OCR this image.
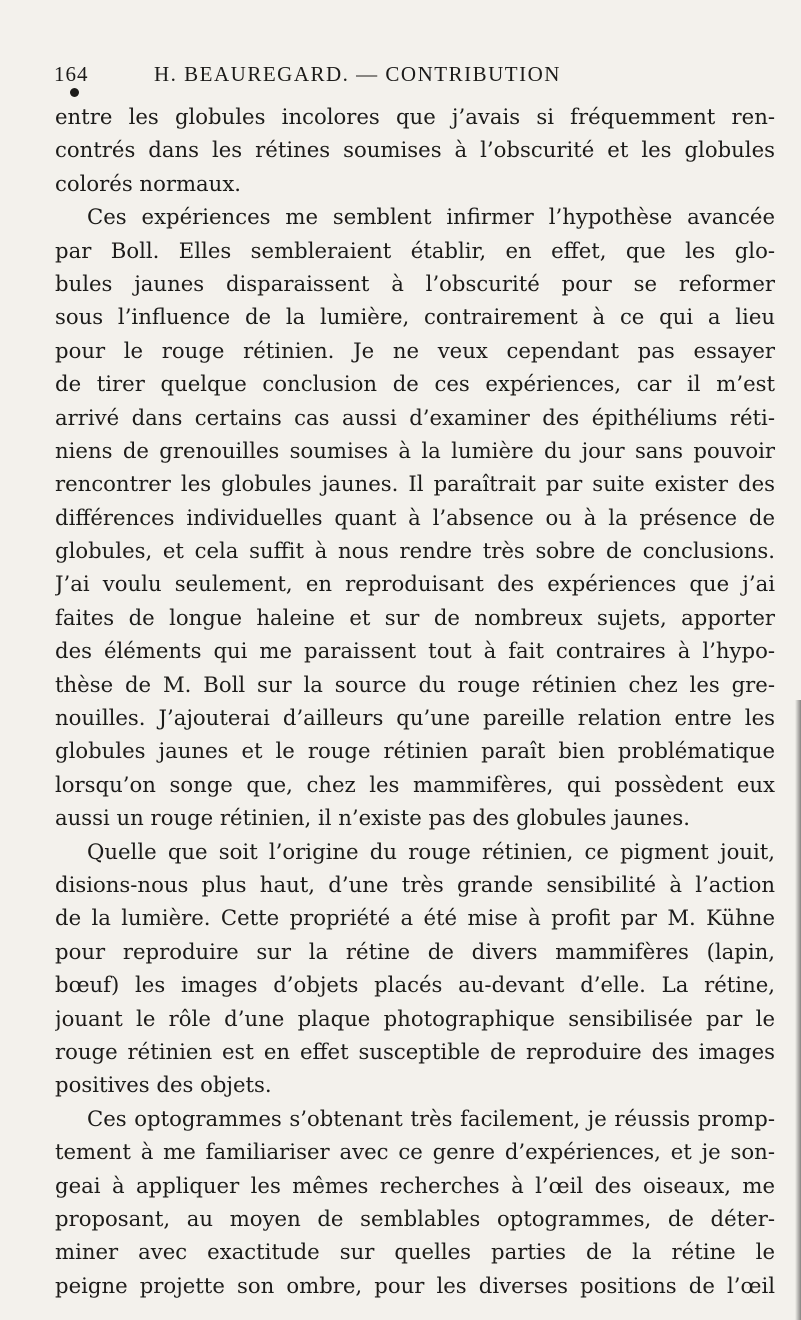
164	H. BEAUREGARD. — CONTRIBUTION
entre les globules incolores que j’avais si fréquemment ren-
contrés dans les rétines soumises à l’obscurité et les globules
colorés normaux.
Ces expériences me semblent infirmer l’hypothèse avancée
par Boll. Elles sembleraient établir, en effet, que les glo-
bules jaunes disparaissent à l’obscurité pour se reformer
sous l’influence de la lumière, contrairement à ce qui a lieu
pour le rouge rétinien. Je ne veux cependant pas essayer
de tirer quelque conclusion de ces expériences, car il m’est
arrivé dans certains cas aussi d’examiner des épithéliums réti-
niens de grenouilles soumises à la lumière du jour sans pouvoir
rencontrer les globules jaunes. Il paraîtrait par suite exister des
différences individuelles quant à l’absence ou à la présence de
globules, et cela suffit à nous rendre très sobre de conclusions.
J’ai voulu seulement, en reproduisant des expériences que j’ai
faites de longue haleine et sur de nombreux sujets, apporter
des éléments qui me paraissent tout à fait contraires à l’hypo-
thèse de M. Boll sur la source du rouge rétinien chez les gre-
nouilles. J’ajouterai d’ailleurs qu’une pareille relation entre les
globules jaunes et le rouge rétinien paraît bien problématique
lorsqu’on songe que, chez les mammifères, qui possèdent eux
aussi un rouge rétinien, il n’existe pas des globules jaunes.
Quelle que soit l’origine du rouge rétinien, ce pigment jouit,
disions-nous plus haut, d’une très grande sensibilité à l’action
de la lumière. Cette propriété a été mise à profit par M. Kühne
pour reproduire sur la rétine de divers mammifères (lapin,
bœuf) les images d’objets placés au-devant d’elle. La rétine,
jouant le rôle d’une plaque photographique sensibilisée par le
rouge rétinien est en effet susceptible de reproduire des images
positives des objets.
Ces optogrammes s’obtenant très facilement, je réussis promp-
tement à me familiariser avec ce genre d’expériences, et je son-
geai à appliquer les mêmes recherches à l’œil des oiseaux, me
proposant, au moyen de semblables optogrammes, de déter-
miner avec exactitude sur quelles parties de la rétine le
peigne projette son ombre, pour les diverses positions de l’œil
